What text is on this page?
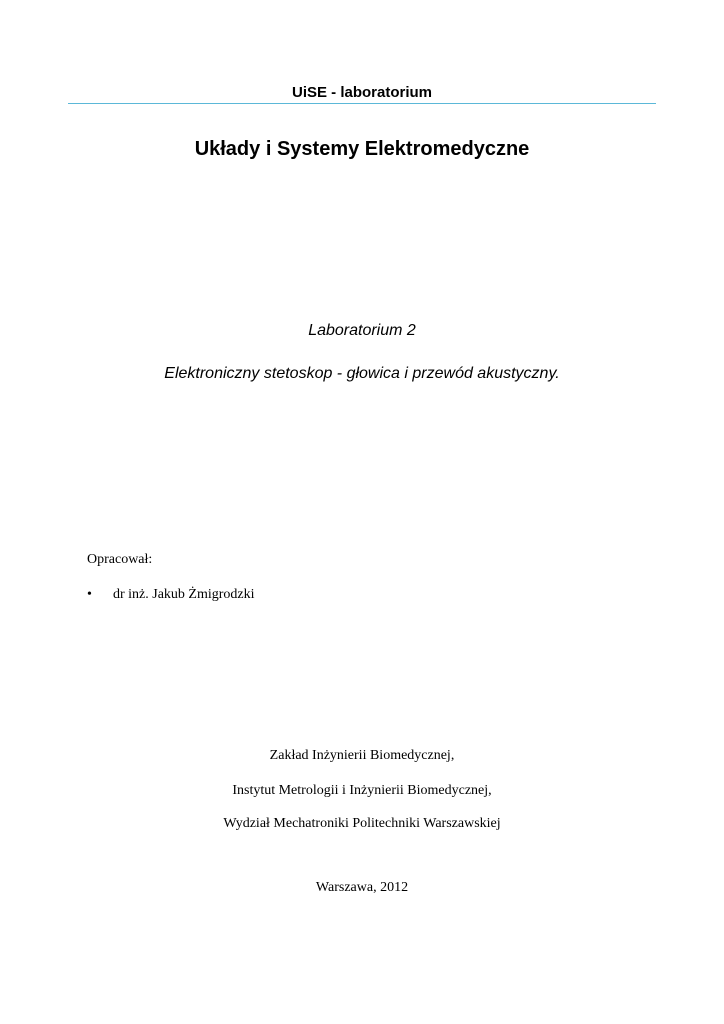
UiSE - laboratorium
Układy i Systemy Elektromedyczne
Laboratorium 2
Elektroniczny stetoskop - głowica i przewód akustyczny.
Opracował:
• dr inż. Jakub Żmigrodzki
Zakład Inżynierii Biomedycznej,
Instytut Metrologii i Inżynierii Biomedycznej,
Wydział Mechatroniki Politechniki Warszawskiej
Warszawa, 2012
